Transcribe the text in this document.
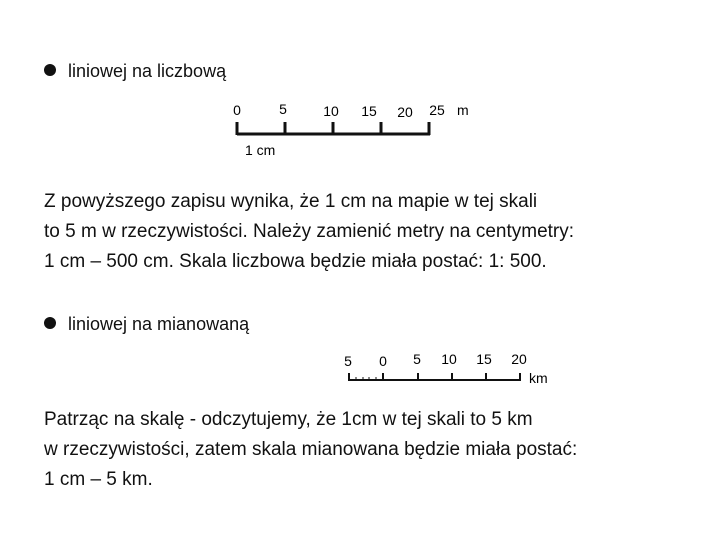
liniowej na liczbową
0	5	10 15 20 25 m
1 cm
Z powyższego zapisu wynika, że 1 cm na mapie w tej skali
to 5 m w rzeczywistości. Należy zamienić metry na centymetry:
1 cm – 500 cm. Skala liczbowa będzie miała postać: 1: 500.
liniowej na mianowaną
5 0 5 10 15 20
km
Patrząc na skalę - odczytujemy, że 1cm w tej skali to 5 km
w rzeczywistości, zatem skala mianowana będzie miała postać:
1 cm – 5 km.
